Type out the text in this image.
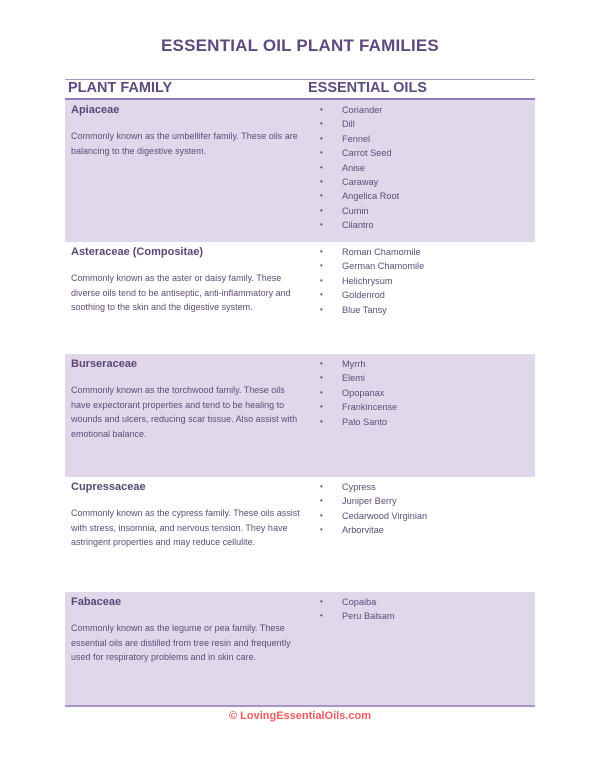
ESSENTIAL OIL PLANT FAMILIES
PLANT FAMILY	ESSENTIAL OILS
Apiaceae
Commonly known as the umbellifer family. These oils are balancing to the digestive system.
•	Coriander
•	Dill
•	Fennel
•	Carrot Seed
•	Anise
•	Caraway
•	Angelica Root
•	Cumin
•	Cilantro
Asteraceae (Compositae)
Commonly known as the aster or daisy family. These diverse oils tend to be antiseptic, anti-inflammatory and soothing to the skin and the digestive system.
•	Roman Chamomile
•	German Chamomile
•	Helichrysum
•	Goldenrod
•	Blue Tansy
Burseraceae
Commonly known as the torchwood family. These oils have expectorant properties and tend to be healing to wounds and ulcers, reducing scar tissue. Also assist with emotional balance.
•	Myrrh
•	Elemi
•	Opopanax
•	Frankincense
•	Palo Santo
Cupressaceae
Commonly known as the cypress family. These oils assist with stress, insomnia, and nervous tension. They have astringent properties and may reduce cellulite.
•	Cypress
•	Juniper Berry
•	Cedarwood Virginian
•	Arborvitae
Fabaceae
Commonly known as the legume or pea family. These essential oils are distilled from tree resin and frequently used for respiratory problems and in skin care.
•	Copaiba
•	Peru Balsam
© LovingEssentialOils.com
